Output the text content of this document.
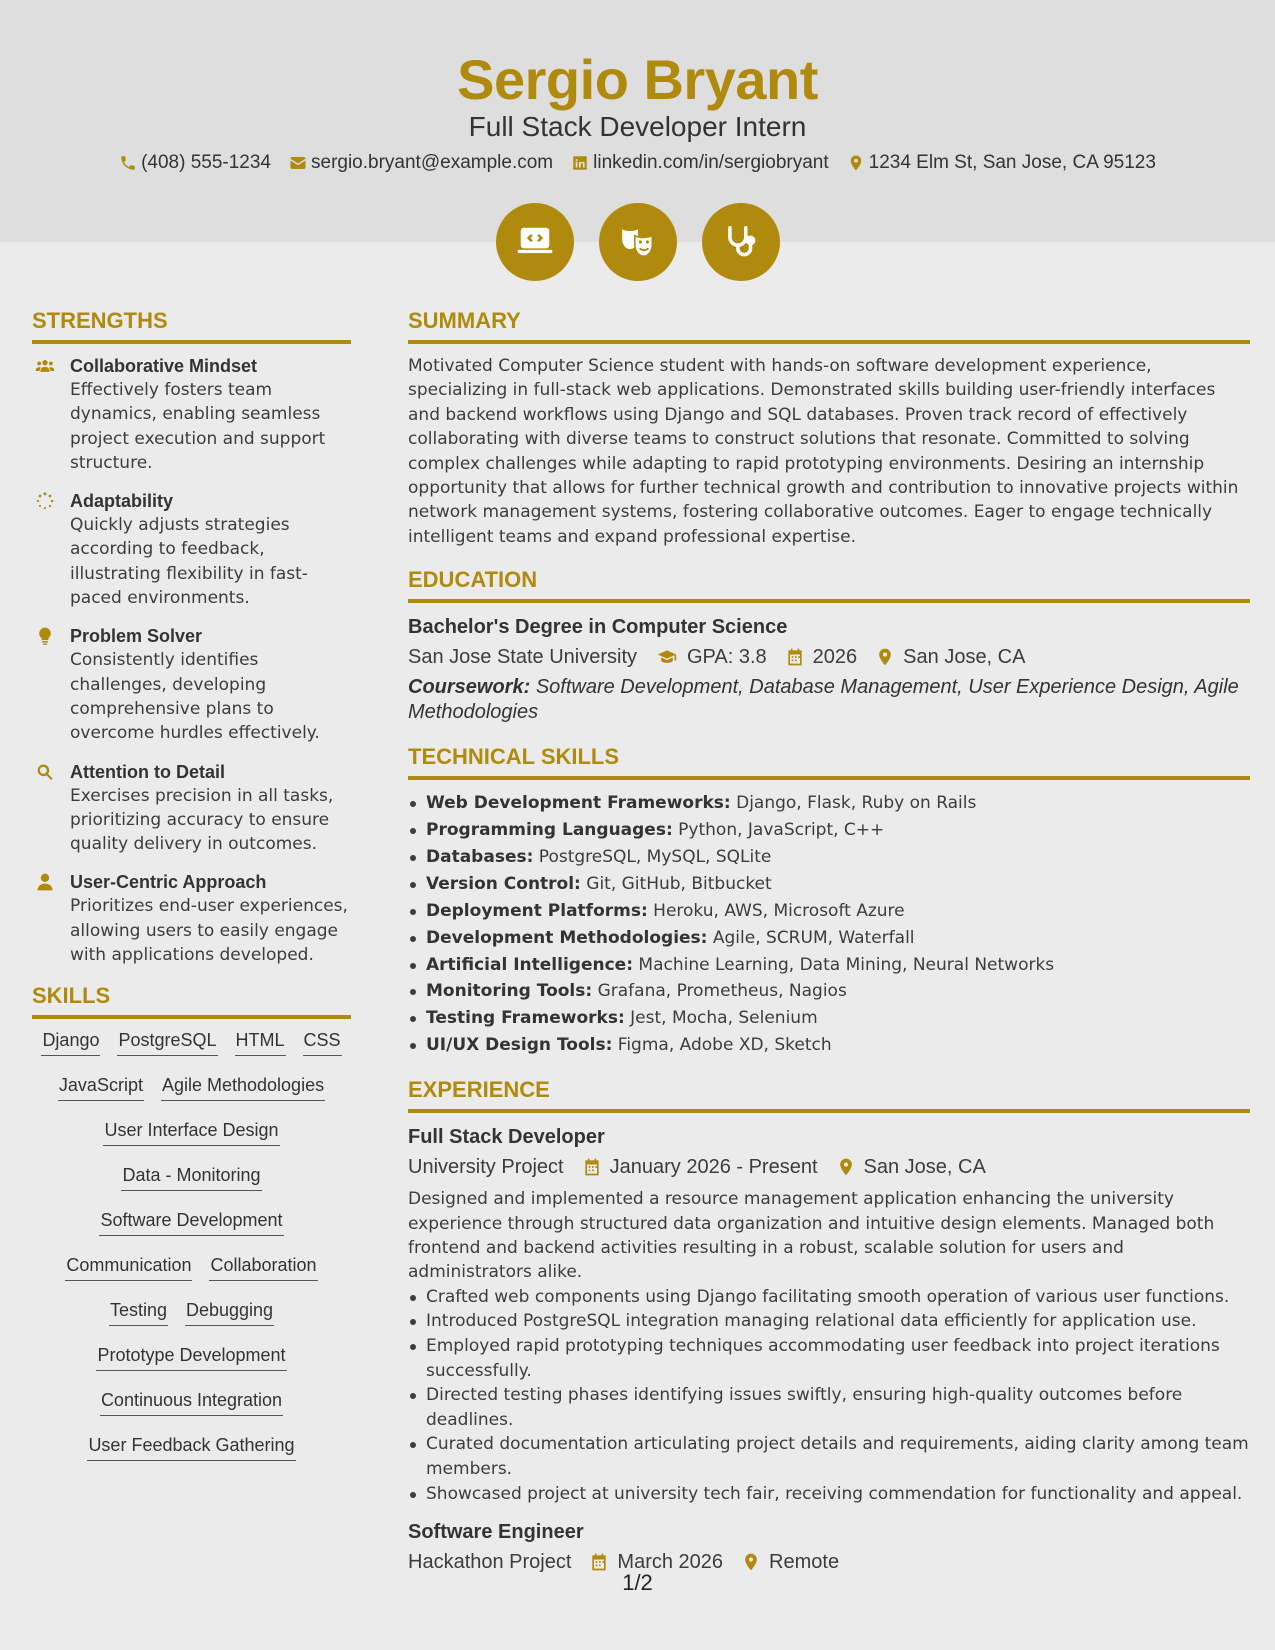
Sergio Bryant
Full Stack Developer Intern
(408) 555-1234 sergio.bryant@example.com linkedin.com/in/sergiobryant 1234 Elm St, San Jose, CA 95123
STRENGTHS
Collaborative Mindset

Effectively fosters team dynamics, enabling seamless project execution and support structure.

Adaptability

Quickly adjusts strategies according to feedback, illustrating flexibility in fast-paced environments.

Problem Solver

Consistently identifies challenges, developing comprehensive plans to overcome hurdles effectively.

Attention to Detail

Exercises precision in all tasks, prioritizing accuracy to ensure quality delivery in outcomes.

User-Centric Approach

Prioritizes end-user experiences, allowing users to easily engage with applications developed.

SKILLS
Django PostgreSQL HTML CSS
JavaScript Agile Methodologies
User Interface Design
Data - Monitoring
Software Development
Communication Collaboration
Testing Debugging
Prototype Development
Continuous Integration
User Feedback Gathering
SUMMARY

Motivated Computer Science student with hands-on software development experience, specializing in full-stack web applications. Demonstrated skills building user-friendly interfaces and backend workflows using Django and SQL databases. Proven track record of effectively collaborating with diverse teams to construct solutions that resonate. Committed to solving complex challenges while adapting to rapid prototyping environments. Desiring an internship opportunity that allows for further technical growth and contribution to innovative projects within network management systems, fostering collaborative outcomes. Eager to engage technically intelligent teams and expand professional expertise.

EDUCATION
Bachelor's Degree in Computer Science
San Jose State University	GPA: 3.8 2026 San Jose, CA
Coursework: Software Development, Database Management, User Experience Design, Agile Methodologies
TECHNICAL SKILLS
Web Development Frameworks: Django, Flask, Ruby on Rails
Programming Languages: Python, JavaScript, C++
Databases: PostgreSQL, MySQL, SQLite
Version Control: Git, GitHub, Bitbucket
Deployment Platforms: Heroku, AWS, Microsoft Azure
Development Methodologies: Agile, SCRUM, Waterfall
Artificial Intelligence: Machine Learning, Data Mining, Neural Networks
Monitoring Tools: Grafana, Prometheus, Nagios
Testing Frameworks: Jest, Mocha, Selenium
UI/UX Design Tools: Figma, Adobe XD, Sketch
EXPERIENCE
Full Stack Developer
University Project January 2026 - Present San Jose, CA

Designed and implemented a resource management application enhancing the university experience through structured data organization and intuitive design elements. Managed both frontend and backend activities resulting in a robust, scalable solution for users and administrators alike.

Crafted web components using Django facilitating smooth operation of various user functions.
Introduced PostgreSQL integration managing relational data efficiently for application use.
Employed rapid prototyping techniques accommodating user feedback into project iterations successfully.
Directed testing phases identifying issues swiftly, ensuring high-quality outcomes before deadlines.
Curated documentation articulating project details and requirements, aiding clarity among team members.
Showcased project at university tech fair, receiving commendation for functionality and appeal.
Software Engineer
Hackathon Project March 2026 Remote
1/2
